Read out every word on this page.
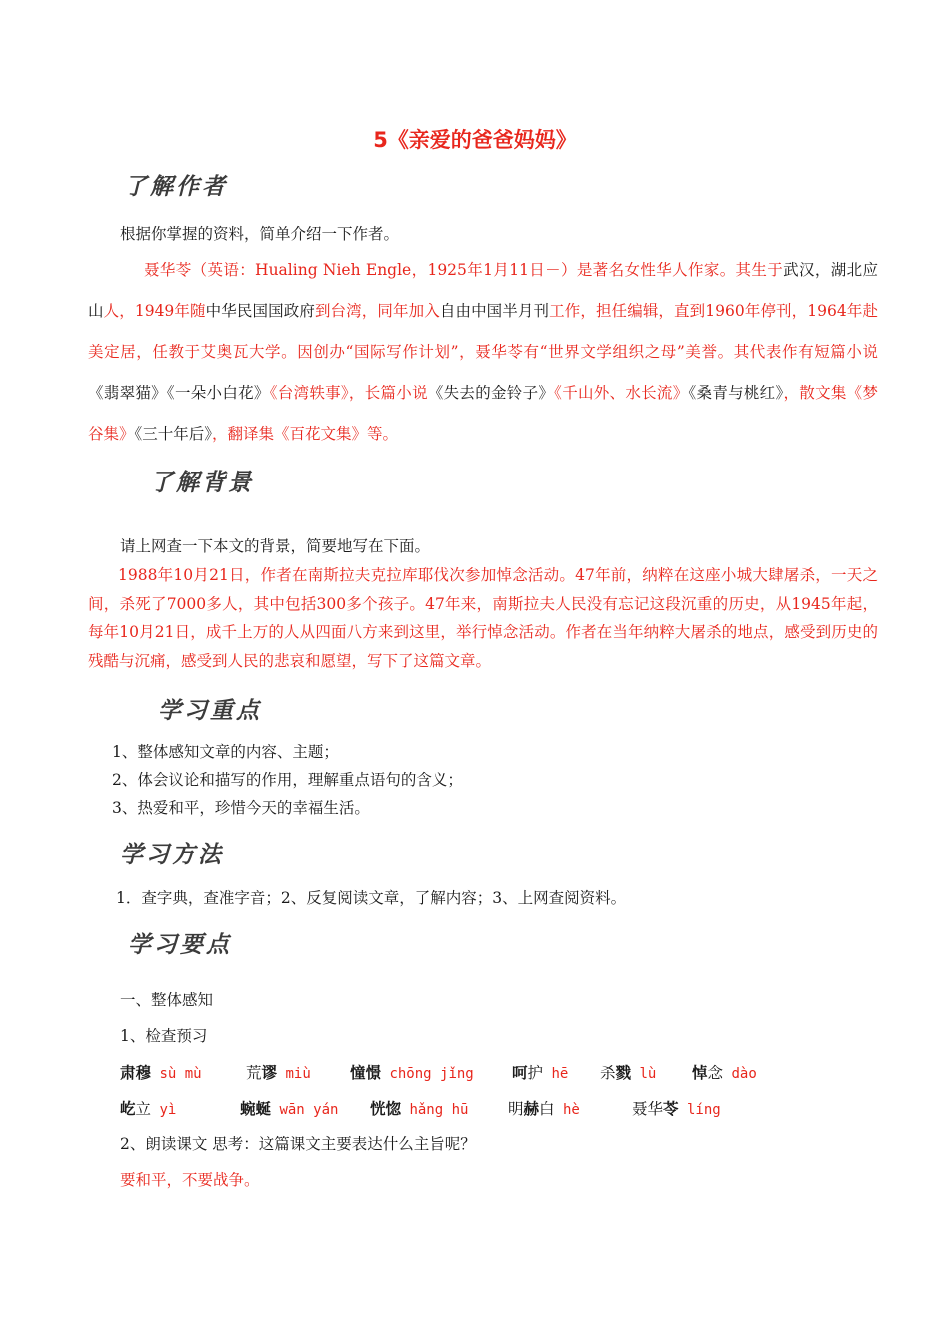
5《亲爱的爸爸妈妈》
了解作者
根据你掌握的资料，简单介绍一下作者。
聂华苓（英语：Hualing Nieh Engle，1925年1月11日－）是著名女性华人作家。其生于武汉，湖北应山人，1949年随中华民国国政府到台湾，同年加入自由中国半月刊工作，担任编辑，直到1960年停刊，1964年赴美定居，任教于艾奥瓦大学。因创办“国际写作计划”，聂华苓有“世界文学组织之母”美誉。其代表作有短篇小说《翡翠猫》《一朵小白花》《台湾轶事》，长篇小说《失去的金铃子》《千山外、水长流》《桑青与桃红》，散文集《梦谷集》《三十年后》，翻译集《百花文集》等。
了解背景
请上网查一下本文的背景，简要地写在下面。
1988年10月21日，作者在南斯拉夫克拉库耶伐次参加悼念活动。47年前，纳粹在这座小城大肆屠杀，一天之间，杀死了7000多人，其中包括300多个孩子。47年来，南斯拉夫人民没有忘记这段沉重的历史，从1945年起，每年10月21日，成千上万的人从四面八方来到这里，举行悼念活动。作者在当年纳粹大屠杀的地点，感受到历史的残酷与沉痛，感受到人民的悲哀和愿望，写下了这篇文章。
学习重点
1、整体感知文章的内容、主题；
2、体会议论和描写的作用，理解重点语句的含义；
3、热爱和平，珍惜今天的幸福生活。
学习方法
1．查字典，查准字音；2、反复阅读文章，了解内容；3、上网查阅资料。
学习要点
一、整体感知
1、检查预习
肃穆 sù mù	荒谬 miù	憧憬 chōng jǐng 呵护 hē 杀戮 lù 悼念 dào
屹立 yì	蜿蜒 wān yán 恍惚 hǎng hū	明赫白 hè	聂华苓 líng
2、朗读课文 思考：这篇课文主要表达什么主旨呢？
要和平，不要战争。
